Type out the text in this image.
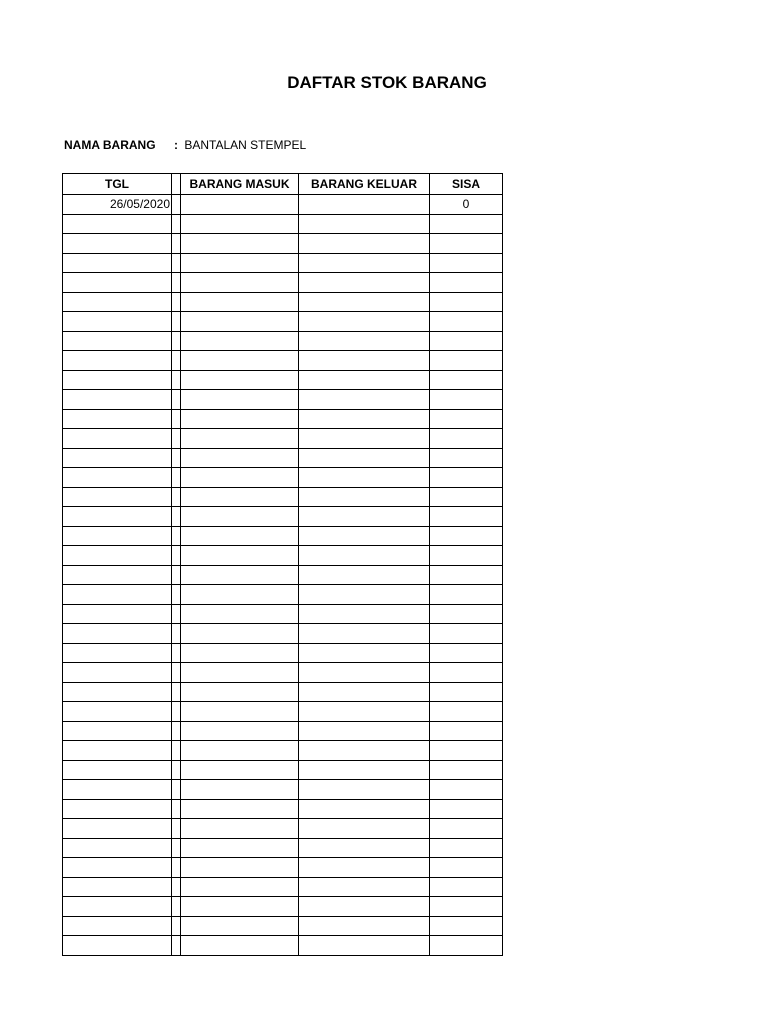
DAFTAR STOK BARANG
NAMA BARANG : BANTALAN STEMPEL
TGL		BARANG MASUK	BARANG KELUAR	SISA
26/05/2020				0
